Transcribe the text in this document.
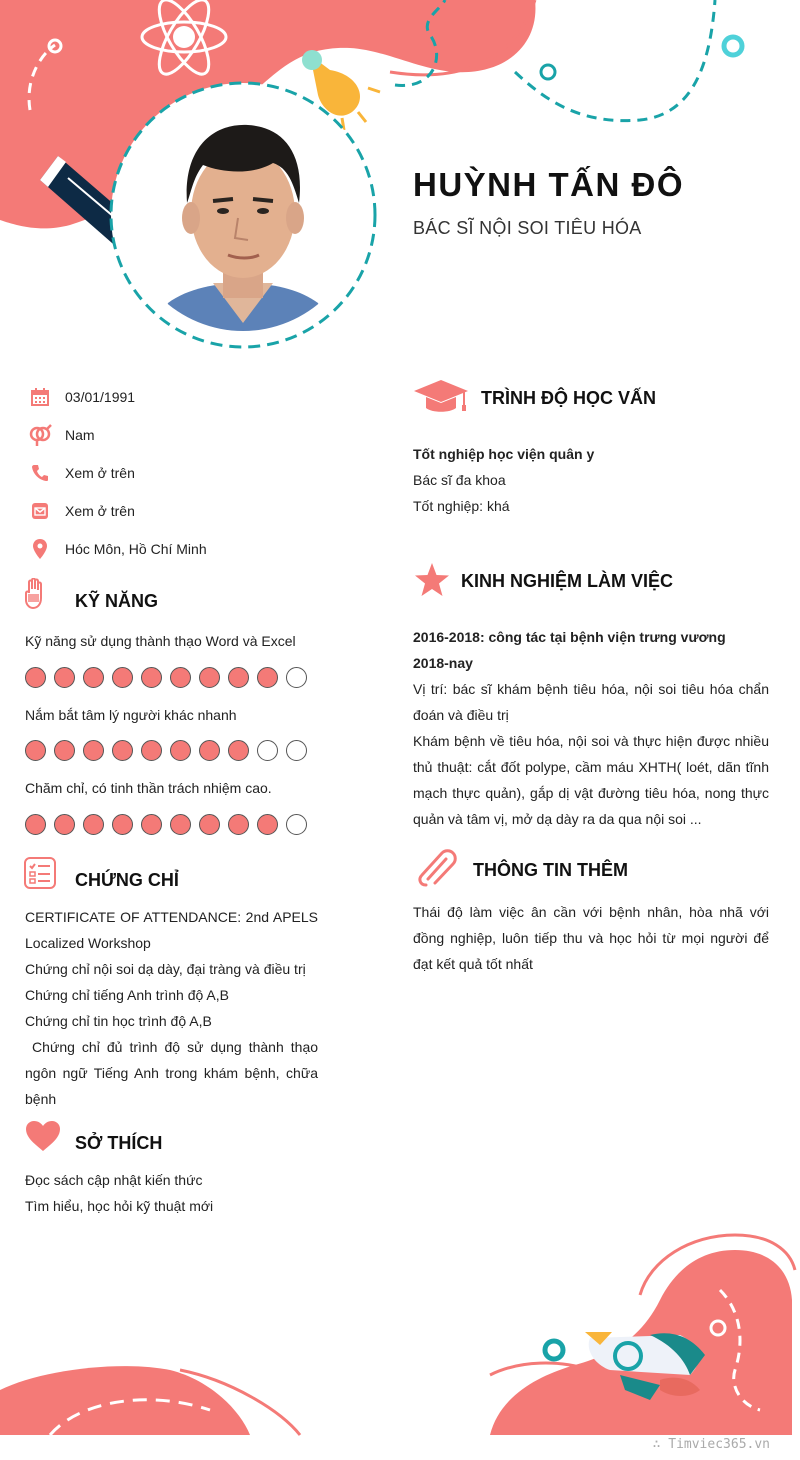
HUỲNH TẤN ĐÔ
BÁC SĨ NỘI SOI TIÊU HÓA
03/01/1991
Nam
Xem ở trên
Xem ở trên
Hóc Môn, Hồ Chí Minh
KỸ NĂNG
Kỹ năng sử dụng thành thạo Word và Excel
Nắm bắt tâm lý người khác nhanh
Chăm chỉ, có tinh thần trách nhiệm cao.
CHỨNG CHỈ

CERTIFICATE OF ATTENDANCE: 2nd APELS Localized Workshop

Chứng chỉ nội soi dạ dày, đại tràng và điều trị

Chứng chỉ tiếng Anh trình độ A,B

Chứng chỉ tin học trình độ A,B

Chứng chỉ đủ trình độ sử dụng thành thạo ngôn ngữ Tiếng Anh trong khám bệnh, chữa bệnh

SỞ THÍCH

Đọc sách cập nhật kiến thức

Tìm hiểu, học hỏi kỹ thuật mới

TRÌNH ĐỘ HỌC VẤN

Tốt nghiệp học viện quân y

Bác sĩ đa khoa

Tốt nghiệp: khá

KINH NGHIỆM LÀM VIỆC

2016-2018: công tác tại bệnh viện trưng vương

2018-nay

Vị trí: bác sĩ khám bệnh tiêu hóa, nội soi tiêu hóa chẩn đoán và điều trị

Khám bệnh về tiêu hóa, nội soi và thực hiện được nhiều thủ thuật: cắt đốt polype, cầm máu XHTH( loét, dãn tĩnh mạch thực quản), gắp dị vật đường tiêu hóa, nong thực quản và tâm vị, mở dạ dày ra da qua nội soi ...

THÔNG TIN THÊM
Thái độ làm việc ân cần với bệnh nhân, hòa nhã với đồng nghiệp, luôn tiếp thu và học hỏi từ mọi người để đạt kết quả tốt nhất
∴ Timviec365.vn
